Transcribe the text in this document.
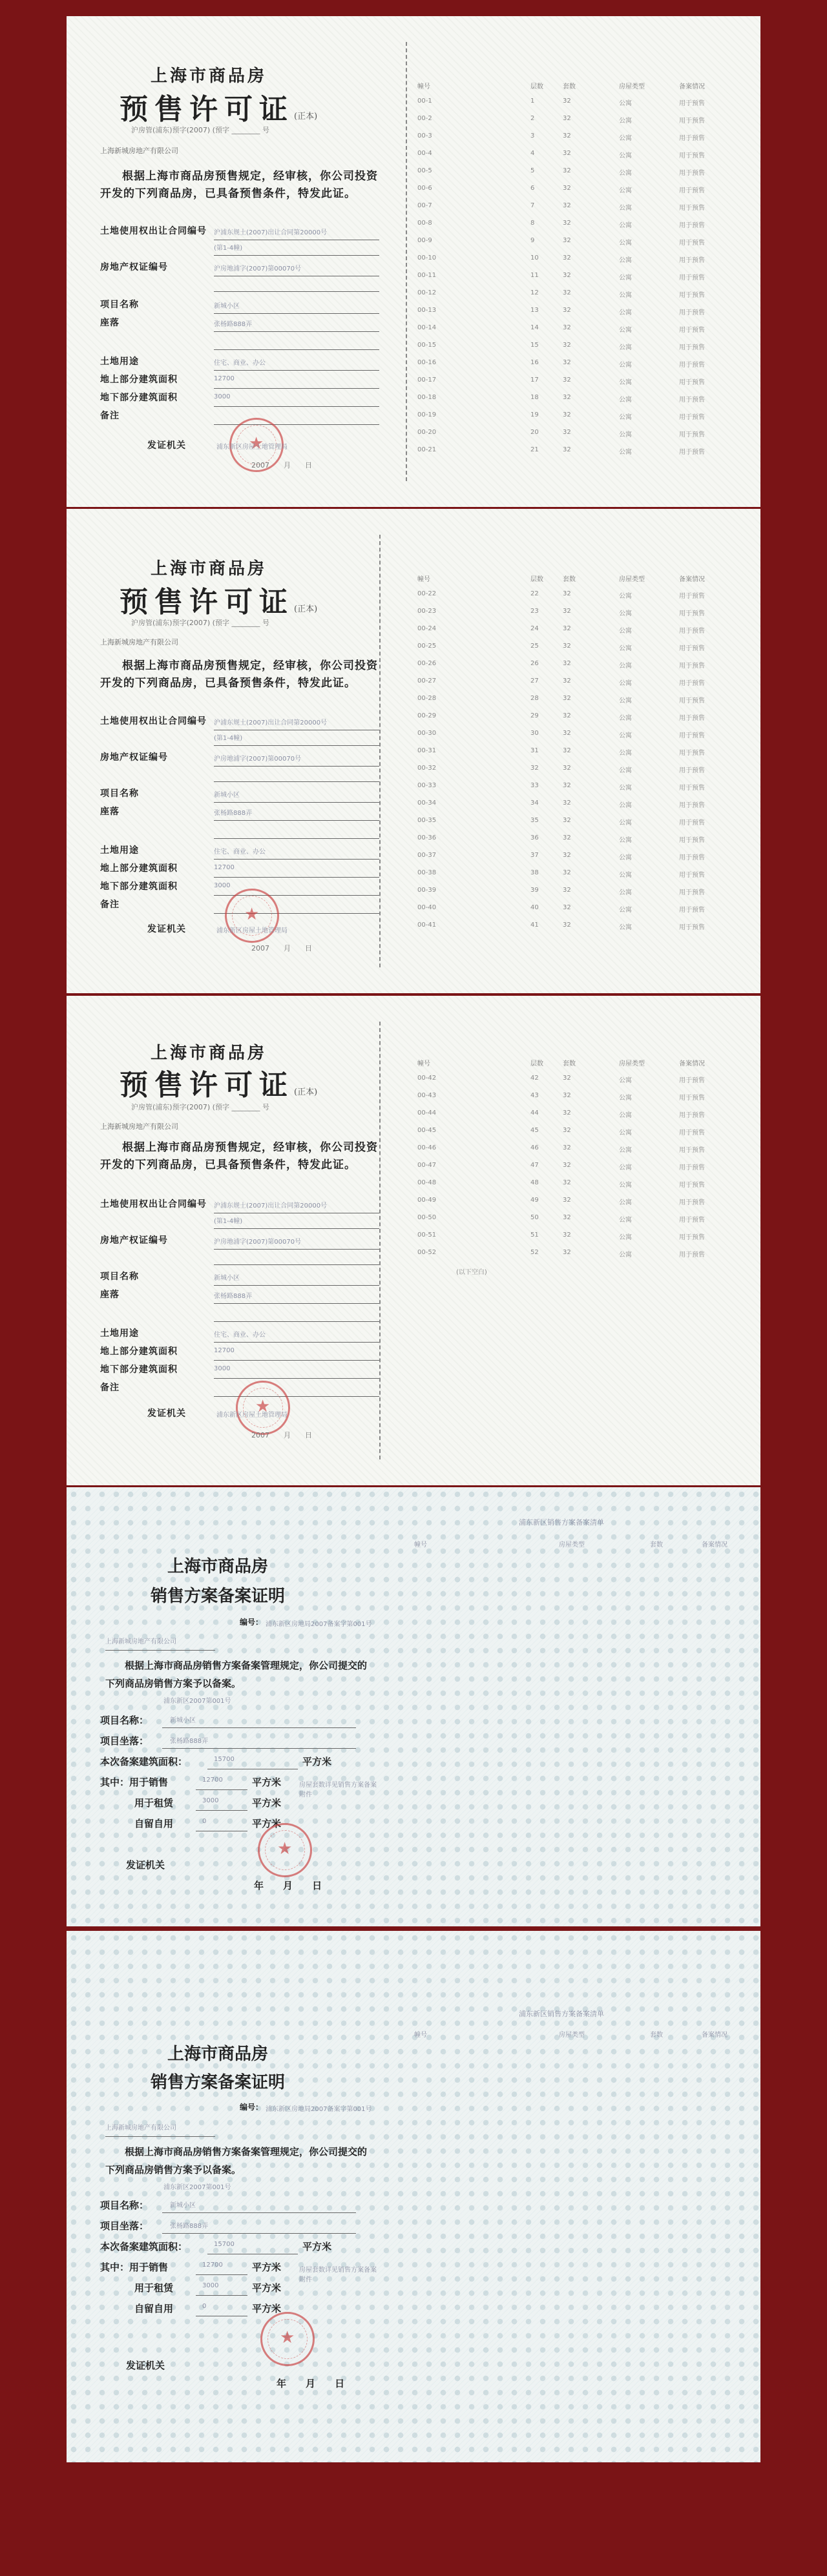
上海市商品房
预售许可证(正本)
沪房管(浦东)预字(2007) (预字 ________ 号
上海新城房地产有限公司
根据上海市商品房预售规定，经审核，你公司投资开发的下列商品房，已具备预售条件，特发此证。
土地使用权出让合同编号 沪浦东规土(2007)出让合同第20000号
(第1-4幢)
房地产权证编号	沪房地浦字(2007)第00070号
项目名称	新城小区
座落	张杨路888弄
土地用途	住宅、商业、办公
地上部分建筑面积	12700
地下部分建筑面积	3000
备注
★
发证机关	浦东新区房屋土地管理局
2007　　 月　　 日
幢号	层数	套数	房屋类型	备案情况
00-1	1	32	公寓	用于预售
00-2	2	32	公寓	用于预售
00-3	3	32	公寓	用于预售
00-4	4	32	公寓	用于预售
00-5	5	32	公寓	用于预售
00-6	6	32	公寓	用于预售
00-7	7	32	公寓	用于预售
00-8	8	32	公寓	用于预售
00-9	9	32	公寓	用于预售
00-10	10	32	公寓	用于预售
00-11	11	32	公寓	用于预售
00-12	12	32	公寓	用于预售
00-13	13	32	公寓	用于预售
00-14	14	32	公寓	用于预售
00-15	15	32	公寓	用于预售
00-16	16	32	公寓	用于预售
00-17	17	32	公寓	用于预售
00-18	18	32	公寓	用于预售
00-19	19	32	公寓	用于预售
00-20	20	32	公寓	用于预售
00-21	21	32	公寓	用于预售
上海市商品房
预售许可证(正本)
沪房管(浦东)预字(2007) (预字 ________ 号
上海新城房地产有限公司
根据上海市商品房预售规定，经审核，你公司投资开发的下列商品房，已具备预售条件，特发此证。
土地使用权出让合同编号 沪浦东规土(2007)出让合同第20000号
(第1-4幢)
房地产权证编号	沪房地浦字(2007)第00070号
项目名称	新城小区
座落	张杨路888弄
土地用途	住宅、商业、办公
地上部分建筑面积	12700
地下部分建筑面积	3000
备注
★
发证机关	浦东新区房屋土地管理局
2007　　 月　　 日
幢号	层数	套数	房屋类型	备案情况
00-22	22	32	公寓	用于预售
00-23	23	32	公寓	用于预售
00-24	24	32	公寓	用于预售
00-25	25	32	公寓	用于预售
00-26	26	32	公寓	用于预售
00-27	27	32	公寓	用于预售
00-28	28	32	公寓	用于预售
00-29	29	32	公寓	用于预售
00-30	30	32	公寓	用于预售
00-31	31	32	公寓	用于预售
00-32	32	32	公寓	用于预售
00-33	33	32	公寓	用于预售
00-34	34	32	公寓	用于预售
00-35	35	32	公寓	用于预售
00-36	36	32	公寓	用于预售
00-37	37	32	公寓	用于预售
00-38	38	32	公寓	用于预售
00-39	39	32	公寓	用于预售
00-40	40	32	公寓	用于预售
00-41	41	32	公寓	用于预售
上海市商品房
预售许可证(正本)
沪房管(浦东)预字(2007) (预字 ________ 号
上海新城房地产有限公司
根据上海市商品房预售规定，经审核，你公司投资开发的下列商品房，已具备预售条件，特发此证。
土地使用权出让合同编号 沪浦东规土(2007)出让合同第20000号
(第1-4幢)
房地产权证编号	沪房地浦字(2007)第00070号
项目名称	新城小区
座落	张杨路888弄
土地用途	住宅、商业、办公
地上部分建筑面积	12700
地下部分建筑面积	3000
备注
★
发证机关	浦东新区房屋土地管理局
2007　　 月　　 日
幢号	层数	套数	房屋类型	备案情况
00-42	42	32	公寓	用于预售
00-43	43	32	公寓	用于预售
00-44	44	32	公寓	用于预售
00-45	45	32	公寓	用于预售
00-46	46	32	公寓	用于预售
00-47	47	32	公寓	用于预售
00-48	48	32	公寓	用于预售
00-49	49	32	公寓	用于预售
00-50	50	32	公寓	用于预售
00-51	51	32	公寓	用于预售
00-52	52	32	公寓	用于预售
(以下空白)
上海市商品房
销售方案备案证明
编号： 浦东新区房地局2007备案字第001号
上海新城房地产有限公司
根据上海市商品房销售方案备案管理规定，你公司提交的下列商品房销售方案予以备案。
浦东新区2007第001号
项目名称：	新城小区
项目坐落：	张杨路888弄
本次备案建筑面积：	15700	平方米
其中：用于销售	12700	平方米	房屋套数详见销售方案备案附件
用于租赁	3000	平方米
自留自用	0	平方米
★
发证机关
年　　 月　　 日
浦东新区销售方案备案清单
幢号	房屋类型	套数	备案情况
上海市商品房
销售方案备案证明
编号： 浦东新区房地局2007备案字第001号
上海新城房地产有限公司
根据上海市商品房销售方案备案管理规定，你公司提交的下列商品房销售方案予以备案。
浦东新区2007第001号
项目名称：	新城小区
项目坐落：	张杨路888弄
本次备案建筑面积：	15700	平方米
其中：用于销售	12700	平方米	房屋套数详见销售方案备案附件
用于租赁	3000	平方米
自留自用	0	平方米
★
发证机关
年　　 月　　 日
浦东新区销售方案备案清单
幢号	房屋类型	套数	备案情况
